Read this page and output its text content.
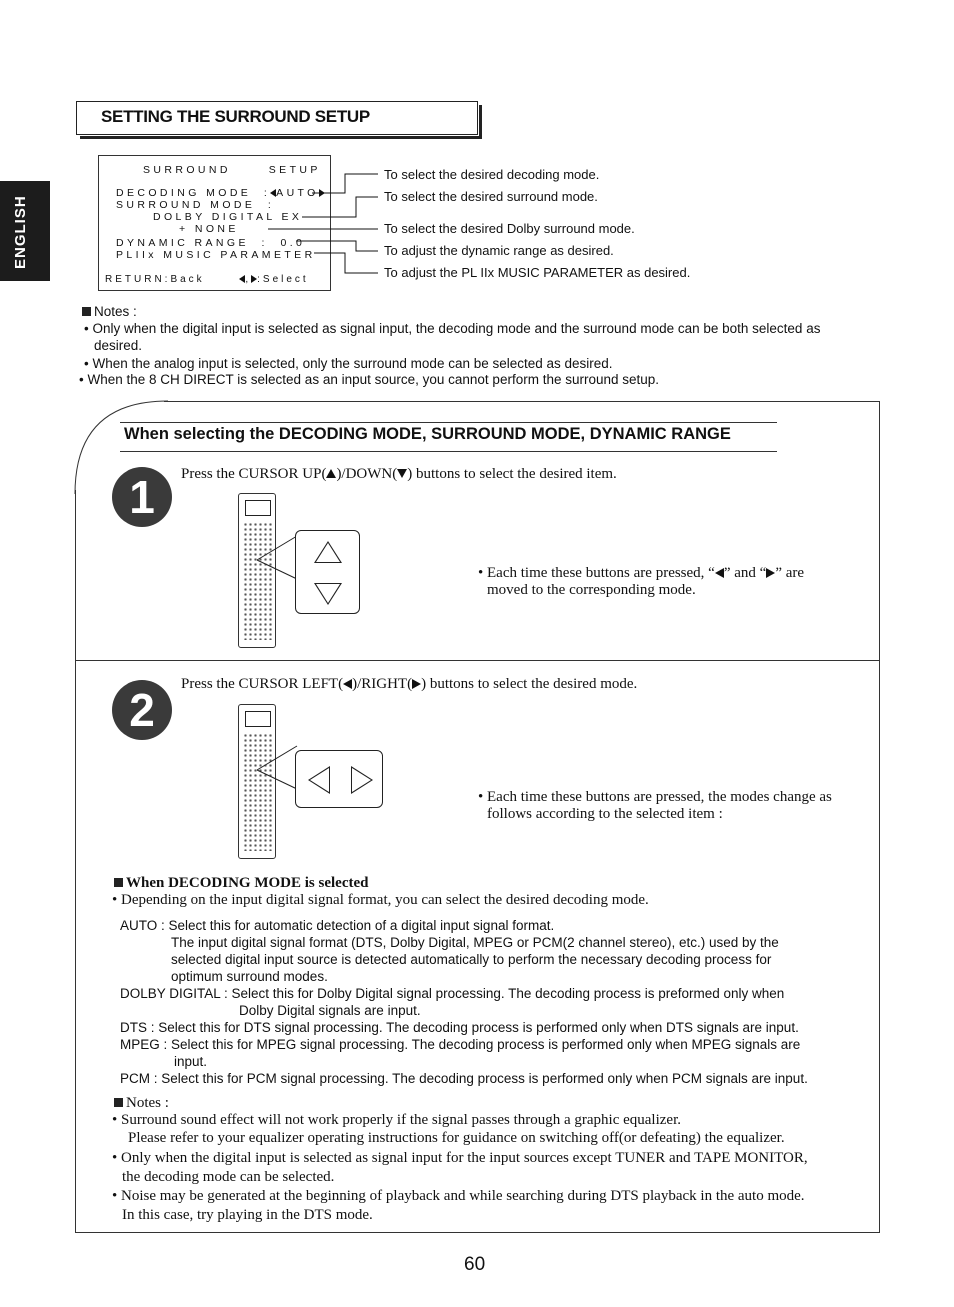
ENGLISH
SETTING THE SURROUND SETUP
SURROUND	SETUP
DECODING MODE  : AUTO
SURROUND MODE  :
DOLBY DIGITAL EX
+ NONE
DYNAMIC RANGE  :  0.0
PLIIx MUSIC PARAMETER
RETURN:Back	, :Select
To select the desired decoding mode.
To select the desired surround mode.
To select the desired Dolby surround mode.
To adjust the dynamic range as desired.
To adjust the PL IIx MUSIC PARAMETER as desired.
Notes :
• Only when the digital input is selected as signal input, the decoding mode and the surround mode can be both selected as
desired.
• When the analog input is selected, only the surround mode can be selected as desired.
• When the 8 CH DIRECT is selected as an input source, you cannot perform the surround setup.
When selecting the DECODING MODE, SURROUND MODE, DYNAMIC RANGE
1	Press the CURSOR UP( )/DOWN( ) buttons to select the desired item.
• Each time these buttons are pressed, “ ” and “ ” are
moved to the corresponding mode.
2	Press the CURSOR LEFT( )/RIGHT( ) buttons to select the desired mode.
• Each time these buttons are pressed, the modes change as
follows according to the selected item :
When DECODING MODE is selected
• Depending on the input digital signal format, you can select the desired decoding mode.
AUTO : Select this for automatic detection of a digital input signal format.
The input digital signal format (DTS, Dolby Digital, MPEG or PCM(2 channel stereo), etc.) used by the
selected digital input source is detected automatically to perform the necessary decoding process for
optimum surround modes.
DOLBY DIGITAL : Select this for Dolby Digital signal processing. The decoding process is preformed only when
Dolby Digital signals are input.
DTS : Select this for DTS signal processing. The decoding process is performed only when DTS signals are input.
MPEG : Select this for MPEG signal processing. The decoding process is performed only when MPEG signals are
input.
PCM : Select this for PCM signal processing. The decoding process is performed only when PCM signals are input.
Notes :
• Surround sound effect will not work properly if the signal passes through a graphic equalizer.
Please refer to your equalizer operating instructions for guidance on switching off(or defeating) the equalizer.
• Only when the digital input is selected as signal input for the input sources except TUNER and TAPE MONITOR,
the decoding mode can be selected.
• Noise may be generated at the beginning of playback and while searching during DTS playback in the auto mode.
In this case, try playing in the DTS mode.
60
